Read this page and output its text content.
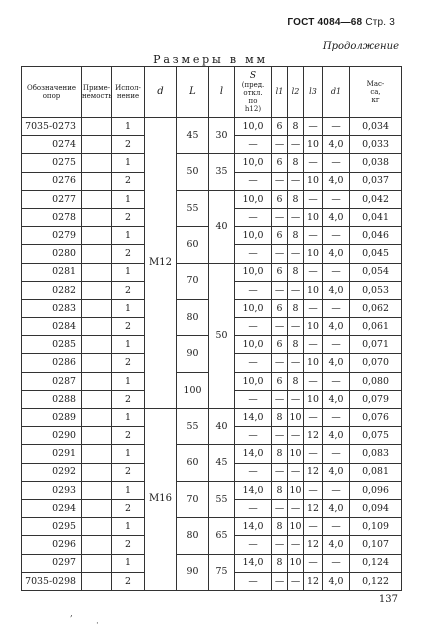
ГОСТ 4084—68 Стр. 3
Продолжение
Размеры в мм
Обозначение опор	Приме- немость	Испол- нение	d	L	l	S
(пред.
откл.
по
h12)	l1	l2	l3	d1	Мас-
са,
кг
7035-0273		1	M12	45	30	10,0	6	8	—	—	0,034
0274		2				—	—	—	10	4,0	0,033
0275		1		50	35	10,0	6	8	—	—	0,038
0276		2				—	—	—	10	4,0	0,037
0277		1		55	40	10,0	6	8	—	—	0,042
0278		2				—	—	—	10	4,0	0,041
0279		1		60		10,0	6	8	—	—	0,046
0280		2				—	—	—	10	4,0	0,045
0281		1		70	50	10,0	6	8	—	—	0,054
0282		2				—	—	—	10	4,0	0,053
0283		1		80		10,0	6	8	—	—	0,062
0284		2				—	—	—	10	4,0	0,061
0285		1		90		10,0	6	8	—	—	0,071
0286		2				—	—	—	10	4,0	0,070
0287		1		100		10,0	6	8	—	—	0,080
0288		2				—	—	—	10	4,0	0,079
0289		1	M16	55	40	14,0	8	10	—	—	0,076
0290		2				—	—	—	12	4,0	0,075
0291		1		60	45	14,0	8	10	—	—	0,083
0292		2				—	—	—	12	4,0	0,081
0293		1		70	55	14,0	8	10	—	—	0,096
0294		2				—	—	—	12	4,0	0,094
0295		1		80	65	14,0	8	10	—	—	0,109
0296		2				—	—	—	12	4,0	0,107
0297		1		90	75	14,0	8	10	—	—	0,124
7035-0298		2				—	—	—	12	4,0	0,122
137
,
·
